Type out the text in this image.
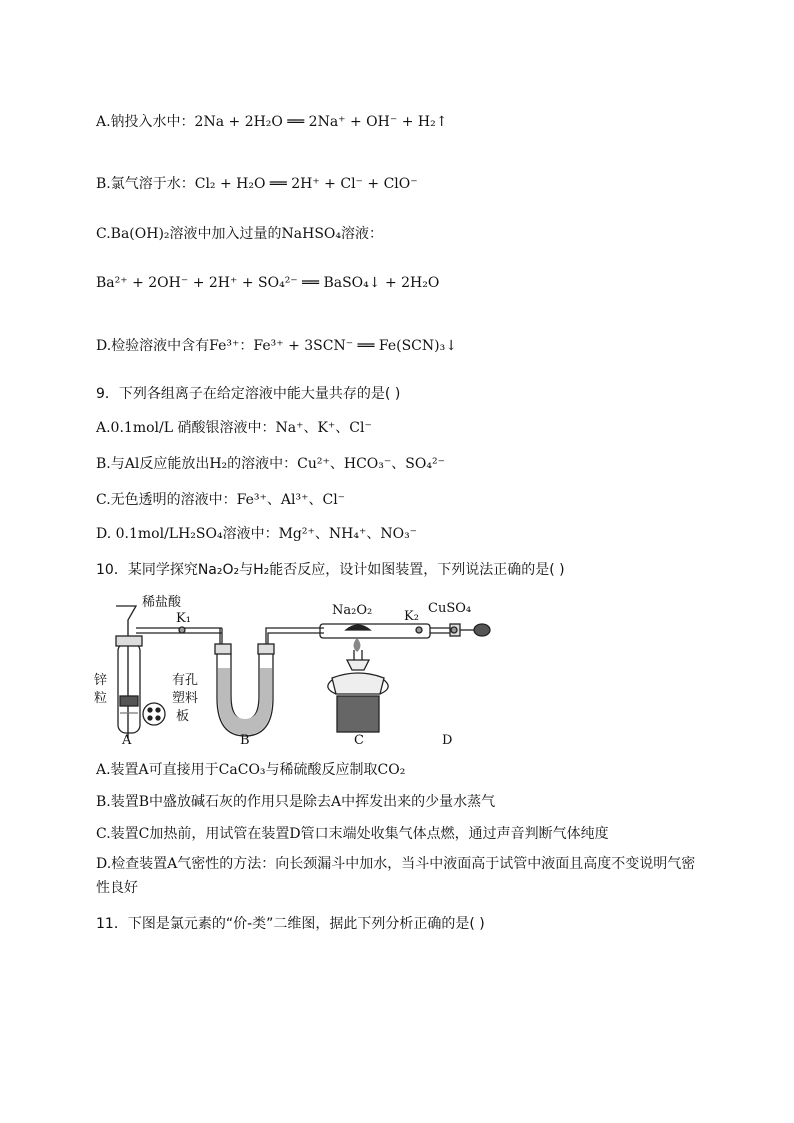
A.钠投入水中：2Na + 2H₂O ══ 2Na⁺ + OH⁻ + H₂↑
B.氯气溶于水：Cl₂ + H₂O ══ 2H⁺ + Cl⁻ + ClO⁻
C.Ba(OH)₂溶液中加入过量的NaHSO₄溶液：
Ba²⁺ + 2OH⁻ + 2H⁺ + SO₄²⁻ ══ BaSO₄↓ + 2H₂O
D.检验溶液中含有Fe³⁺：Fe³⁺ + 3SCN⁻ ══ Fe(SCN)₃↓
9．下列各组离子在给定溶液中能大量共存的是( )
A.0.1mol/L 硝酸银溶液中：Na⁺、K⁺、Cl⁻
B.与Al反应能放出H₂的溶液中：Cu²⁺、HCO₃⁻、SO₄²⁻
C.无色透明的溶液中：Fe³⁺、Al³⁺、Cl⁻
D. 0.1mol/LH₂SO₄溶液中：Mg²⁺、NH₄⁺、NO₃⁻
10．某同学探究Na₂O₂与H₂能否反应，设计如图装置，下列说法正确的是( )
稀盐酸
K₁
锌
粒
有孔
塑料
板
Na₂O₂ K₂
CuSO₄
A	B	C	D
A.装置A可直接用于CaCO₃与稀硫酸反应制取CO₂
B.装置B中盛放碱石灰的作用只是除去A中挥发出来的少量水蒸气
C.装置C加热前，用试管在装置D管口末端处收集气体点燃，通过声音判断气体纯度
D.检查装置A气密性的方法：向长颈漏斗中加水，当斗中液面高于试管中液面且高度不变说明气密性良好
11．下图是氯元素的“价-类”二维图，据此下列分析正确的是( )
